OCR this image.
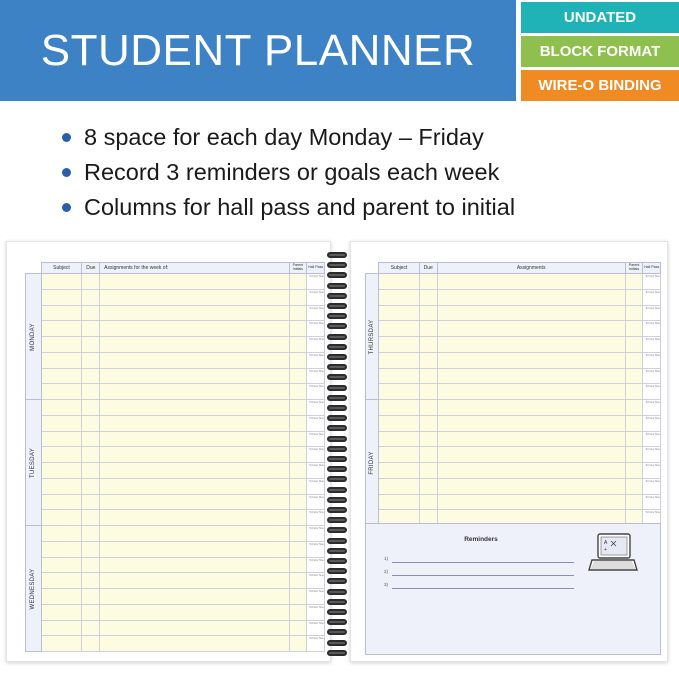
STUDENT PLANNER
UNDATED
BLOCK FORMAT
WIRE-O BINDING
8 space for each day Monday – Friday
Record 3 reminders or goals each week
Columns for hall pass and parent to initial
	Subject	Due	Assignments for the week of:	Parent Initials	Hall Pass

MONDAY					To From Time
					To From Time
					To From Time
					To From Time
					To From Time
					To From Time
					To From Time
					To From Time

TUESDAY					To From Time
					To From Time
					To From Time
					To From Time
					To From Time
					To From Time
					To From Time
					To From Time

WEDNESDAY					To From Time
					To From Time
					To From Time
					To From Time
					To From Time
					To From Time
					To From Time
					To From Time
	Subject	Due	Assignments	Parent Initials	Hall Pass

THURSDAY					To From Time
					To From Time
					To From Time
					To From Time
					To From Time
					To From Time
					To From Time
					To From Time

FRIDAY					To From Time
					To From Time
					To From Time
					To From Time
					To From Time
					To From Time
					To From Time
					To From Time
Reminders
1)
2)
3)
A
+
